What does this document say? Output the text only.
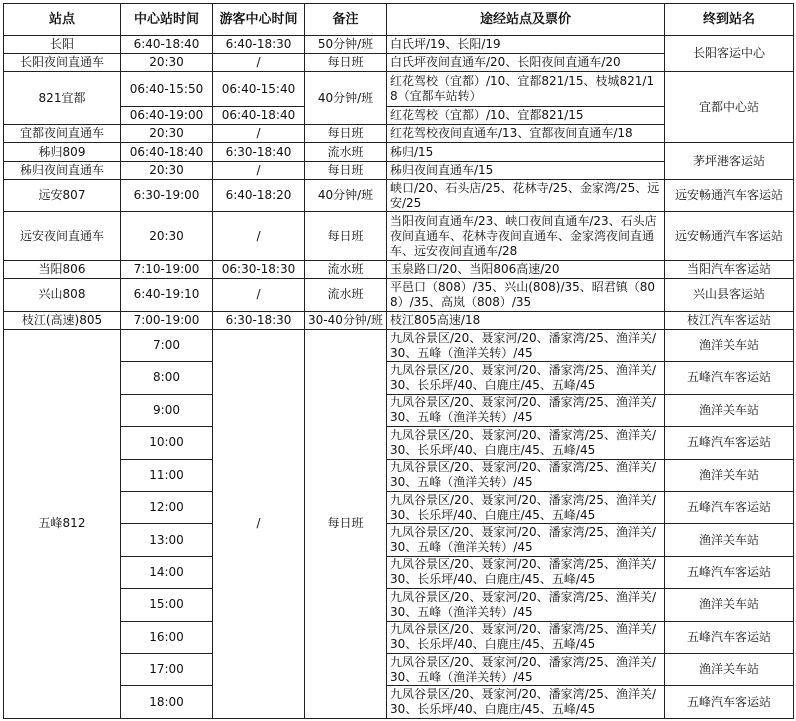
站点	中心站时间	游客中心时间	备注	途经站点及票价	终到站名
长阳	6:40-18:40	6:40-18:30	50分钟/班	白氏坪/19、长阳/19	长阳客运中心
长阳夜间直通车	20:30	/	每日班	白氏坪夜间直通车/20、长阳夜间直通车/20	
821宜都	06:40-15:50	06:40-15:40	40分钟/班	红花驾校（宜都）/10、宜都821/15、枝城821/18（宜都车站转）	宜都中心站
	06:40-19:00	06:40-18:40		红花驾校（宜都）/10、宜都821/15	
宜都夜间直通车	20:30	/	每日班	红花驾校夜间直通车/13、宜都夜间直通车/18	
秭归809	06:40-18:40	6:30-18:40	流水班	秭归/15	茅坪港客运站
秭归夜间直通车	20:30	/	每日班	秭归夜间直通车/15	
远安807	6:30-19:00	6:40-18:20	40分钟/班	峡口/20、石头店/25、花林寺/25、金家湾/25、远安/25	远安畅通汽车客运站
远安夜间直通车	20:30	/	每日班	当阳夜间直通车/23、峡口夜间直通车/23、石头店夜间直通车、花林寺夜间直通车、金家湾夜间直通车、远安夜间直通车/28	远安畅通汽车客运站
当阳806	7:10-19:00	06:30-18:30	流水班	玉泉路口/20、当阳806高速/20	当阳汽车客运站
兴山808	6:40-19:10	/	流水班	平邑口（808）/35、兴山(808)/35、昭君镇（808）/35、高岚（808）/35	兴山县客运站
枝江(高速)805	7:00-19:00	6:30-18:30	30-40分钟/班	枝江805高速/18	枝江汽车客运站
五峰812	7:00	/	每日班	九凤谷景区/20、聂家河/20、潘家湾/25、渔洋关/30、五峰（渔洋关转）/45	渔洋关车站
	8:00			九凤谷景区/20、聂家河/20、潘家湾/25、渔洋关/30、长乐坪/40、白鹿庄/45、五峰/45	五峰汽车客运站
	9:00			九凤谷景区/20、聂家河/20、潘家湾/25、渔洋关/30、五峰（渔洋关转）/45	渔洋关车站
	10:00			九凤谷景区/20、聂家河/20、潘家湾/25、渔洋关/30、长乐坪/40、白鹿庄/45、五峰/45	五峰汽车客运站
	11:00			九凤谷景区/20、聂家河/20、潘家湾/25、渔洋关/30、五峰（渔洋关转）/45	渔洋关车站
	12:00			九凤谷景区/20、聂家河/20、潘家湾/25、渔洋关/30、长乐坪/40、白鹿庄/45、五峰/45	五峰汽车客运站
	13:00			九凤谷景区/20、聂家河/20、潘家湾/25、渔洋关/30、五峰（渔洋关转）/45	渔洋关车站
	14:00			九凤谷景区/20、聂家河/20、潘家湾/25、渔洋关/30、长乐坪/40、白鹿庄/45、五峰/45	五峰汽车客运站
	15:00			九凤谷景区/20、聂家河/20、潘家湾/25、渔洋关/30、五峰（渔洋关转）/45	渔洋关车站
	16:00			九凤谷景区/20、聂家河/20、潘家湾/25、渔洋关/30、长乐坪/40、白鹿庄/45、五峰/45	五峰汽车客运站
	17:00			九凤谷景区/20、聂家河/20、潘家湾/25、渔洋关/30、五峰（渔洋关转）/45	渔洋关车站
	18:00			九凤谷景区/20、聂家河/20、潘家湾/25、渔洋关/30、长乐坪/40、白鹿庄/45、五峰/45	五峰汽车客运站
